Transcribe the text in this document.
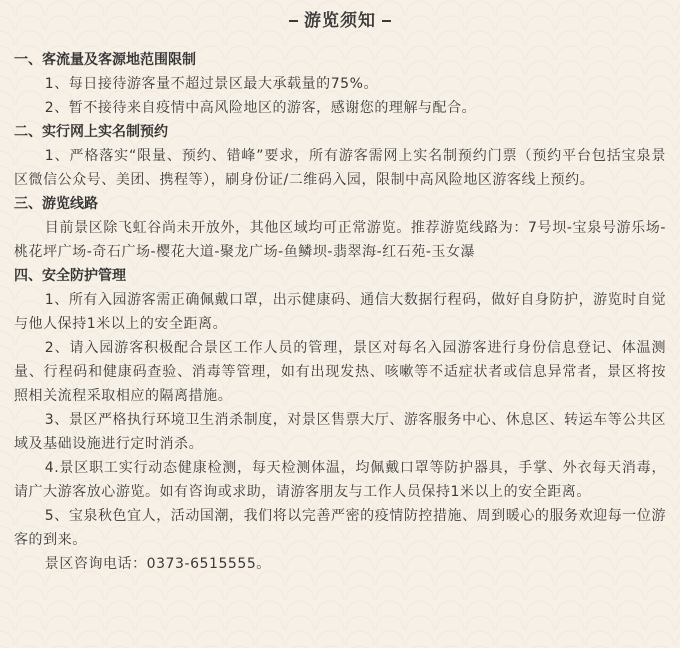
游览须知

一、客流量及客源地范围限制

1、每日接待游客量不超过景区最大承载量的75%。

2、暂不接待来自疫情中高风险地区的游客，感谢您的理解与配合。

二、实行网上实名制预约

1、严格落实“限量、预约、错峰”要求，所有游客需网上实名制预约门票（预约平台包括宝泉景区微信公众号、美团、携程等），刷身份证/二维码入园，限制中高风险地区游客线上预约。

三、游览线路

目前景区除飞虹谷尚未开放外，其他区域均可正常游览。推荐游览线路为：7号坝-宝泉号游乐场-桃花坪广场-奇石广场-樱花大道-聚龙广场-鱼鳞坝-翡翠海-红石苑-玉女瀑

四、安全防护管理

1、所有入园游客需正确佩戴口罩，出示健康码、通信大数据行程码，做好自身防护，游览时自觉与他人保持1米以上的安全距离。

2、请入园游客积极配合景区工作人员的管理，景区对每名入园游客进行身份信息登记、体温测量、行程码和健康码查验、消毒等管理，如有出现发热、咳嗽等不适症状者或信息异常者，景区将按照相关流程采取相应的隔离措施。

3、景区严格执行环境卫生消杀制度，对景区售票大厅、游客服务中心、休息区、转运车等公共区域及基础设施进行定时消杀。

4.景区职工实行动态健康检测，每天检测体温，均佩戴口罩等防护器具，手掌、外衣每天消毒，请广大游客放心游览。如有咨询或求助，请游客朋友与工作人员保持1米以上的安全距离。

5、宝泉秋色宜人，活动国潮，我们将以完善严密的疫情防控措施、周到暖心的服务欢迎每一位游客的到来。

景区咨询电话：0373-6515555。
